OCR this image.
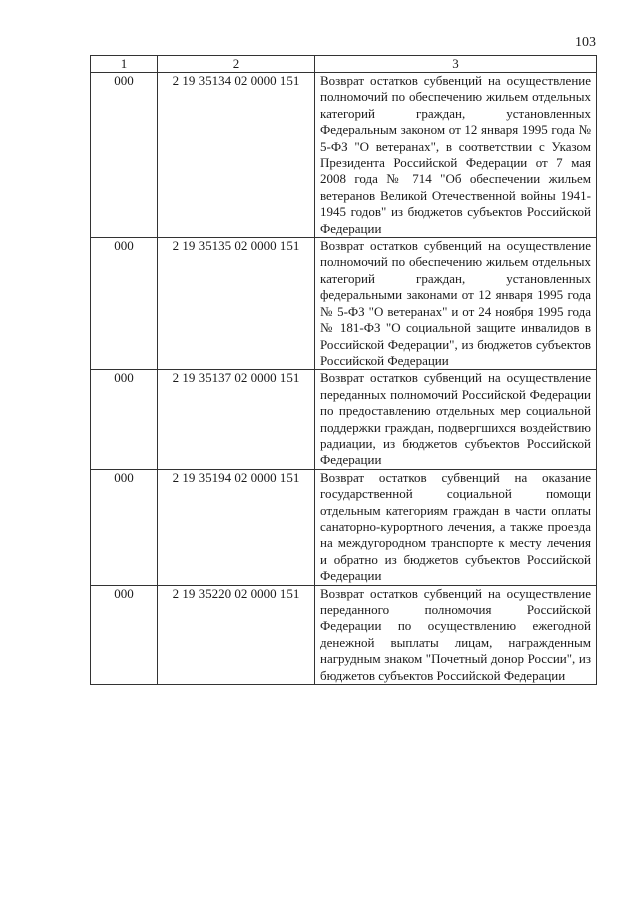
103
1	2	3
000	2 19 35134 02 0000 151	Возврат остатков субвенций на осуществление полномочий по обеспечению жильем отдельных категорий граждан, установленных Федеральным законом от 12 января 1995 года № 5-ФЗ "О ветеранах", в соответствии с Указом Президента Российской Федерации от 7 мая 2008 года № 714 "Об обеспечении жильем ветеранов Великой Отечественной войны 1941-1945 годов" из бюджетов субъектов Российской Федерации
000	2 19 35135 02 0000 151	Возврат остатков субвенций на осуществление полномочий по обеспечению жильем отдельных категорий граждан, установленных федеральными законами от 12 января 1995 года № 5-ФЗ "О ветеранах" и от 24 ноября 1995 года № 181-ФЗ "О социальной защите инвалидов в Российской Федерации", из бюджетов субъектов Российской Федерации
000	2 19 35137 02 0000 151	Возврат остатков субвенций на осуществление переданных полномочий Российской Федерации по предоставлению отдельных мер социальной поддержки граждан, подвергшихся воздействию радиации, из бюджетов субъектов Российской Федерации
000	2 19 35194 02 0000 151	Возврат остатков субвенций на оказание государственной социальной помощи отдельным категориям граждан в части оплаты санаторно-курортного лечения, а также проезда на междугородном транспорте к месту лечения и обратно из бюджетов субъектов Российской Федерации
000	2 19 35220 02 0000 151	Возврат остатков субвенций на осуществление переданного полномочия Российской Федерации по осуществлению ежегодной денежной выплаты лицам, награжденным нагрудным знаком "Почетный донор России", из бюджетов субъектов Российской Федерации
